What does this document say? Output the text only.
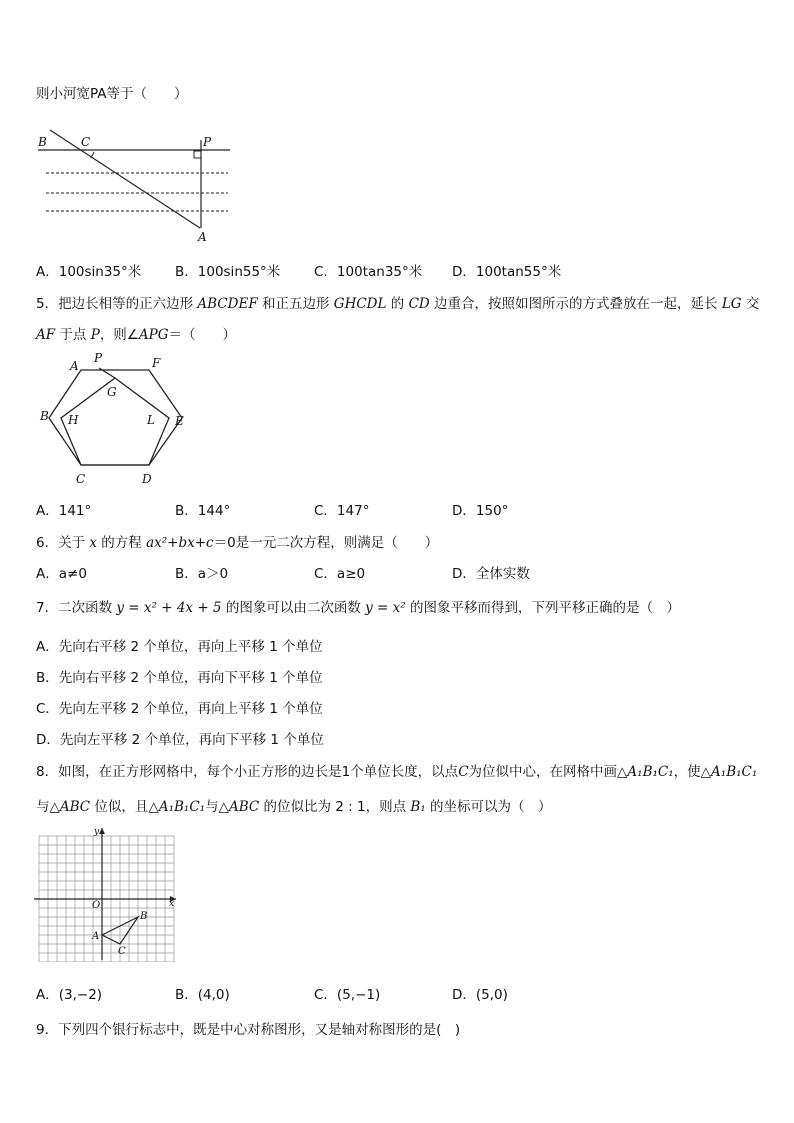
则小河宽PA等于（　　）
B	C	P
A
A．100sin35°米 B．100sin55°米 C．100tan35°米 D．100tan55°米
5．把边长相等的正六边形 ABCDEF 和正五边形 GHCDL 的 CD 边重合，按照如图所示的方式叠放在一起，延长 LG 交
AF 于点 P，则∠APG＝（　　）
A
P	F
G
B H	L E
C	D
A．141°	B．144°	C．147°	D．150°
6．关于 x 的方程 ax²+bx+c＝0是一元二次方程，则满足（　　）
A．a≠0	B．a＞0	C．a≥0	D．全体实数
7．二次函数 y = x² + 4x + 5 的图象可以由二次函数 y = x² 的图象平移而得到，下列平移正确的是（　）
A．先向右平移 2 个单位，再向上平移 1 个单位
B．先向右平移 2 个单位，再向下平移 1 个单位
C．先向左平移 2 个单位，再向上平移 1 个单位
D．先向左平移 2 个单位，再向下平移 1 个单位
8．如图，在正方形网格中，每个小正方形的边长是1个单位长度，以点C为位似中心，在网格中画△A₁B₁C₁，使△A₁B₁C₁
与△ABC 位似，且△A₁B₁C₁与△ABC 的位似比为 2 : 1，则点 B₁ 的坐标可以为（　）
y
x
O
A
B
C
A．(3,−2)	B．(4,0)	C．(5,−1)	D．(5,0)
9．下列四个银行标志中，既是中心对称图形，又是轴对称图形的是(　)
